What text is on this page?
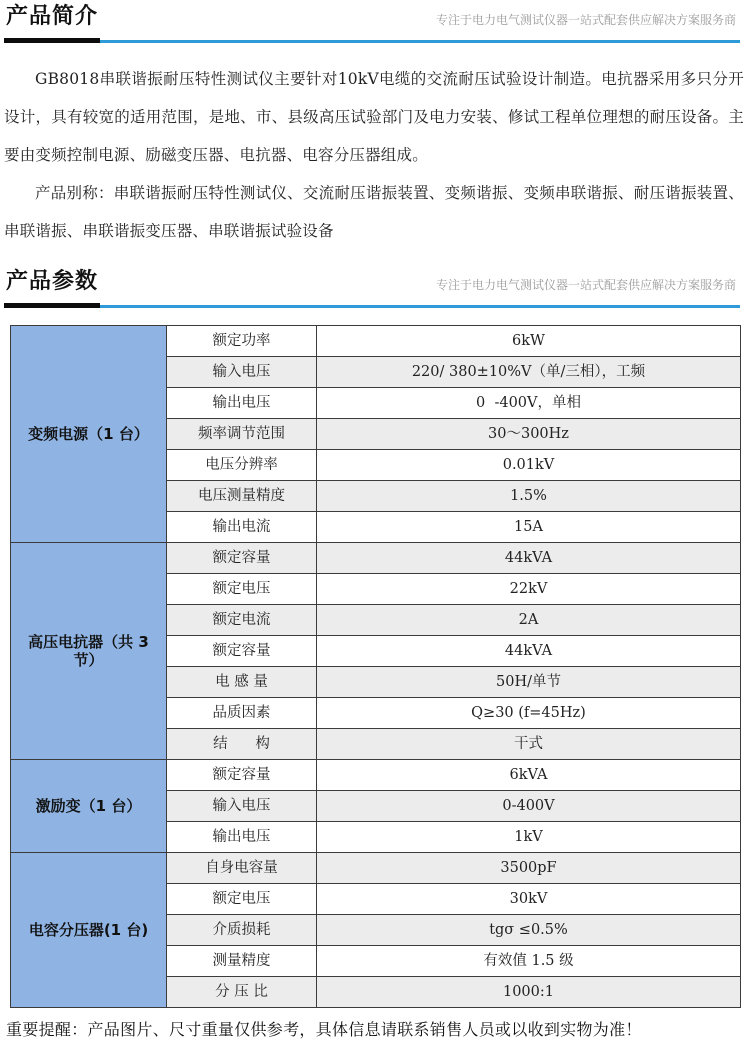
产品简介	专注于电力电气测试仪器一站式配套供应解决方案服务商

GB8018串联谐振耐压特性测试仪主要针对10kV电缆的交流耐压试验设计制造。电抗器采用多只分开设计，具有较宽的适用范围，是地、市、县级高压试验部门及电力安装、修试工程单位理想的耐压设备。主要由变频控制电源、励磁变压器、电抗器、电容分压器组成。

产品别称：串联谐振耐压特性测试仪、交流耐压谐振装置、变频谐振、变频串联谐振、耐压谐振装置、串联谐振、串联谐振变压器、串联谐振试验设备

产品参数	专注于电力电气测试仪器一站式配套供应解决方案服务商
变频电源（1 台）	额定功率	6kW
	输入电压	220/ 380±10%V（单/三相），工频
	输出电压	0  -400V，单相
	频率调节范围	30～300Hz
	电压分辨率	0.01kV
	电压测量精度	1.5%
	输出电流	15A
高压电抗器（共 3 节）	额定容量	44kVA
	额定电压	22kV
	额定电流	2A
	额定容量	44kVA
	电 感 量	50H/单节
	品质因素	Q≥30 (f=45Hz)
	结      构	干式
激励变（1 台）	额定容量	6kVA
	输入电压	0-400V
	输出电压	1kV
电容分压器(1 台)	自身电容量	3500pF
	额定电压	30kV
	介质损耗	tgσ ≤0.5%
	测量精度	有效值 1.5 级
	分 压 比	1000:1
重要提醒：产品图片、尺寸重量仅供参考，具体信息请联系销售人员或以收到实物为准！
